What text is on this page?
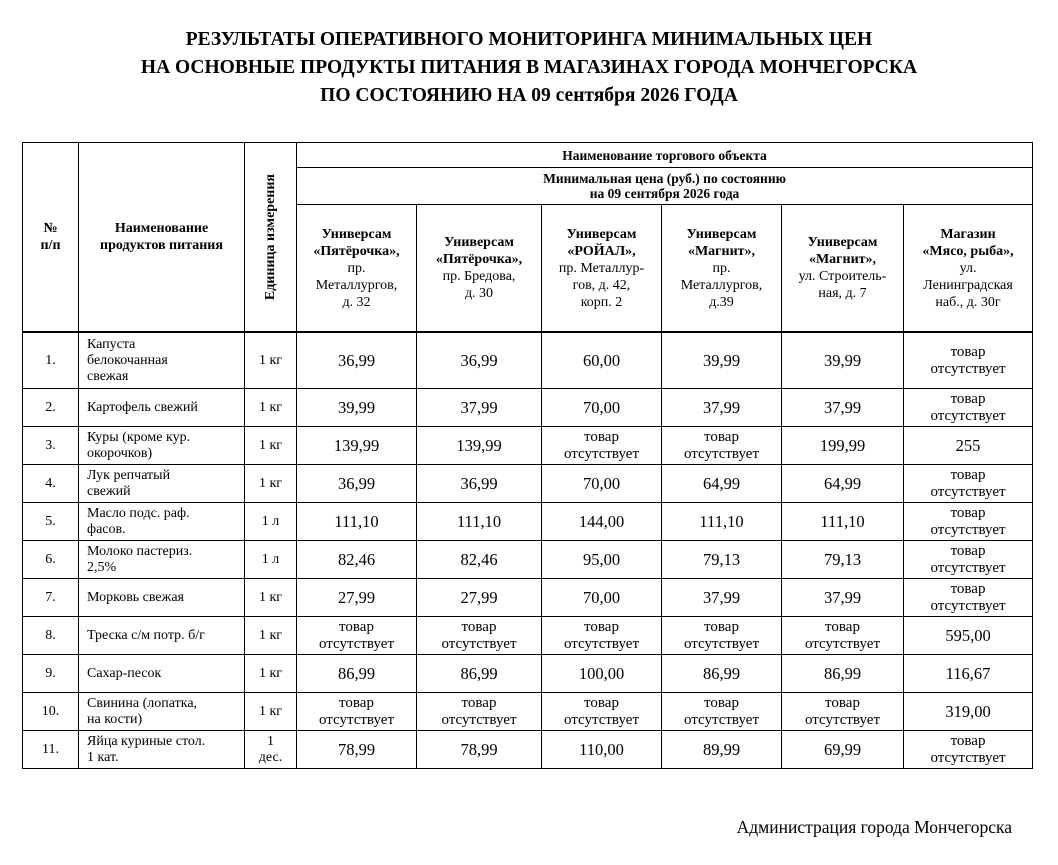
РЕЗУЛЬТАТЫ ОПЕРАТИВНОГО МОНИТОРИНГА МИНИМАЛЬНЫХ ЦЕН
НА ОСНОВНЫЕ ПРОДУКТЫ ПИТАНИЯ В МАГАЗИНАХ ГОРОДА МОНЧЕГОРСКА
ПО СОСТОЯНИЮ НА 09 сентября 2026 ГОДА
№
п/п	Наименование
продуктов питания	Единица измерения	Наименование торгового объекта					
			Минимальная цена (руб.) по состоянию
на 09 сентября 2026 года					
			Универсам
«Пятёрочка»,
пр.
Металлургов,
д. 32	Универсам
«Пятёрочка»,
пр. Бредова,
д. 30	Универсам
«РОЙАЛ»,
пр. Металлур-
гов, д. 42,
корп. 2	Универсам
«Магнит»,
пр.
Металлургов,
д.39	Универсам
«Магнит»,
ул. Строитель-
ная, д. 7	Магазин
«Мясо, рыба»,
ул.
Ленинградская
наб., д. 30г
1.	Капуста
белокочанная
свежая	1 кг	36,99	36,99	60,00	39,99	39,99	товар
отсутствует
2.	Картофель свежий	1 кг	39,99	37,99	70,00	37,99	37,99	товар
отсутствует
3.	Куры (кроме кур.
окорочков)	1 кг	139,99	139,99	товар
отсутствует	товар
отсутствует	199,99	255
4.	Лук репчатый
свежий	1 кг	36,99	36,99	70,00	64,99	64,99	товар
отсутствует
5.	Масло подс. раф.
фасов.	1 л	111,10	111,10	144,00	111,10	111,10	товар
отсутствует
6.	Молоко пастериз.
2,5%	1 л	82,46	82,46	95,00	79,13	79,13	товар
отсутствует
7.	Морковь свежая	1 кг	27,99	27,99	70,00	37,99	37,99	товар
отсутствует
8.	Треска с/м потр. б/г	1 кг	товар
отсутствует	товар
отсутствует	товар
отсутствует	товар
отсутствует	товар
отсутствует	595,00
9.	Сахар-песок	1 кг	86,99	86,99	100,00	86,99	86,99	116,67
10.	Свинина (лопатка,
на кости)	1 кг	товар
отсутствует	товар
отсутствует	товар
отсутствует	товар
отсутствует	товар
отсутствует	319,00
11.	Яйца куриные стол.
1 кат.	1
дес.	78,99	78,99	110,00	89,99	69,99	товар
отсутствует
Администрация города Мончегорска
